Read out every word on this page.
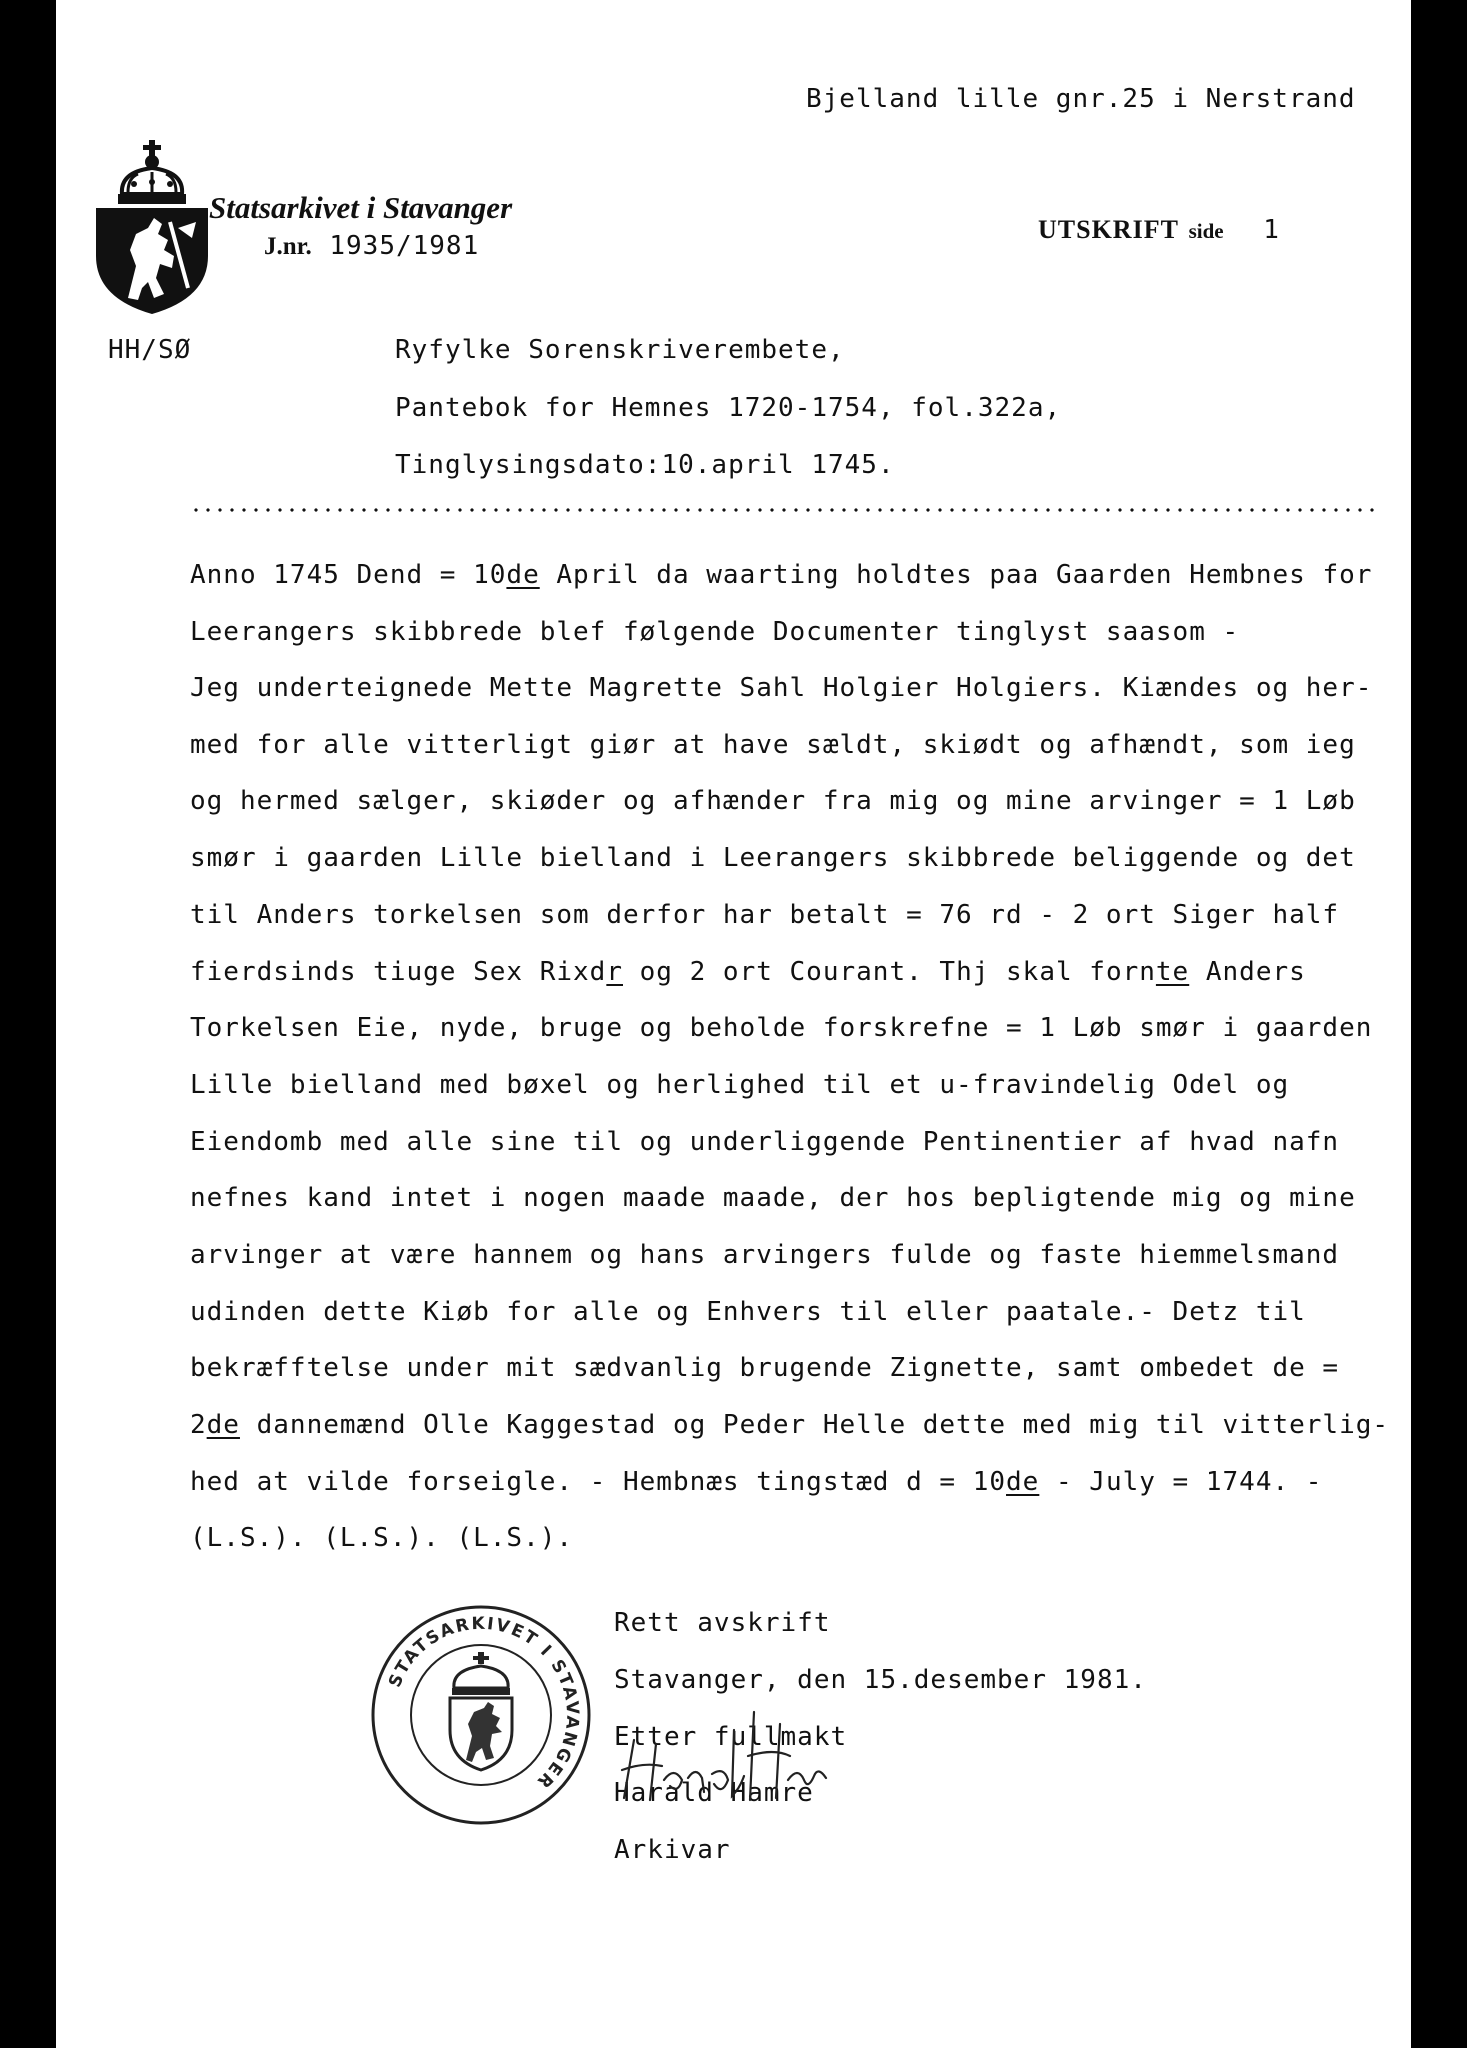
Bjelland lille gnr.25 i Nerstrand
Statsarkivet i Stavanger
J.nr. 1935/1981
UTSKRIFT side 1
HH/SØ	Ryfylke Sorenskriverembete,
Pantebok for Hemnes 1720-1754, fol.322a,
Tinglysingsdato:10.april 1745.
Anno 1745 Dend = 10de April da waarting holdtes paa Gaarden Hembnes for
Leerangers skibbrede blef følgende Documenter tinglyst saasom -
Jeg underteignede Mette Magrette Sahl Holgier Holgiers. Kiændes og her-
med for alle vitterligt giør at have sældt, skiødt og afhændt, som ieg
og hermed sælger, skiøder og afhænder fra mig og mine arvinger = 1 Løb
smør i gaarden Lille bielland i Leerangers skibbrede beliggende og det
til Anders torkelsen som derfor har betalt = 76 rd - 2 ort Siger half
fierdsinds tiuge Sex Rixdr og 2 ort Courant. Thj skal fornte Anders
Torkelsen Eie, nyde, bruge og beholde forskrefne = 1 Løb smør i gaarden
Lille bielland med bøxel og herlighed til et u-fravindelig Odel og
Eiendomb med alle sine til og underliggende Pentinentier af hvad nafn
nefnes kand intet i nogen maade maade, der hos bepligtende mig og mine
arvinger at være hannem og hans arvingers fulde og faste hiemmelsmand
udinden dette Kiøb for alle og Enhvers til eller paatale.- Detz til
bekræfftelse under mit sædvanlig brugende Zignette, samt ombedet de =
2de dannemænd Olle Kaggestad og Peder Helle dette med mig til vitterlig-
hed at vilde forseigle. - Hembnæs tingstæd d = 10de - July = 1744. -
(L.S.). (L.S.). (L.S.).
STATSARKIVET I STAVANGER
Rett avskrift
Stavanger, den 15.desember 1981.
Etter fullmakt
Harald Hamre
Arkivar
